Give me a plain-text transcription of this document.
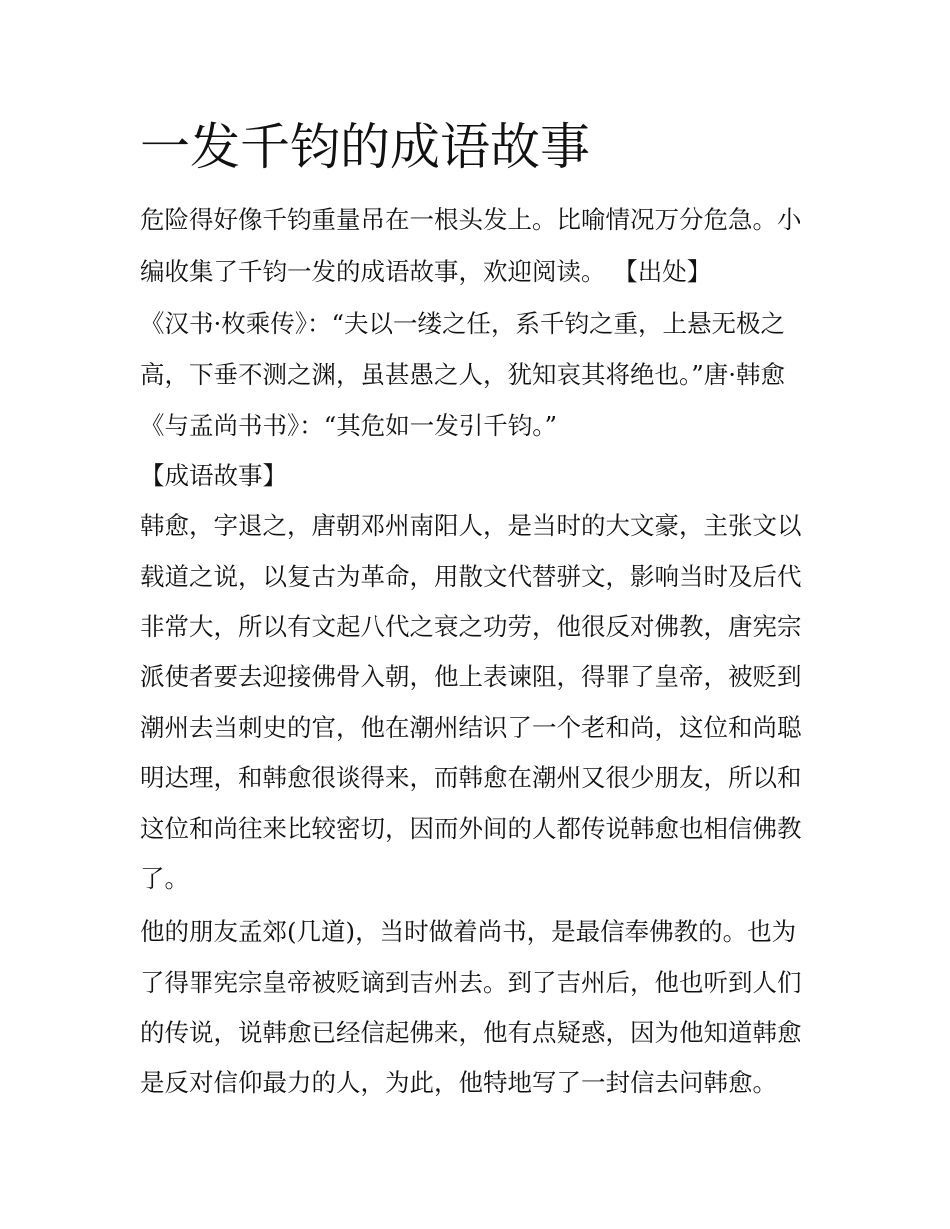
一发千钧的成语故事

危险得好像千钧重量吊在一根头发上。比喻情况万分危急。小

编收集了千钧一发的成语故事，欢迎阅读。 【出处】

《汉书·枚乘传》：“夫以一缕之任，系千钧之重，上悬无极之

高，下垂不测之渊，虽甚愚之人，犹知哀其将绝也。”唐·韩愈

《与孟尚书书》：“其危如一发引千钧。”

【成语故事】

韩愈，字退之，唐朝邓州南阳人，是当时的大文豪，主张文以

载道之说，以复古为革命，用散文代替骈文，影响当时及后代

非常大，所以有文起八代之衰之功劳，他很反对佛教，唐宪宗

派使者要去迎接佛骨入朝，他上表谏阻，得罪了皇帝，被贬到

潮州去当刺史的官，他在潮州结识了一个老和尚，这位和尚聪

明达理，和韩愈很谈得来，而韩愈在潮州又很少朋友，所以和

这位和尚往来比较密切，因而外间的人都传说韩愈也相信佛教

了。

他的朋友孟郊(几道)，当时做着尚书，是最信奉佛教的。也为

了得罪宪宗皇帝被贬谪到吉州去。到了吉州后，他也听到人们

的传说，说韩愈已经信起佛来，他有点疑惑，因为他知道韩愈

是反对信仰最力的人，为此，他特地写了一封信去问韩愈。
